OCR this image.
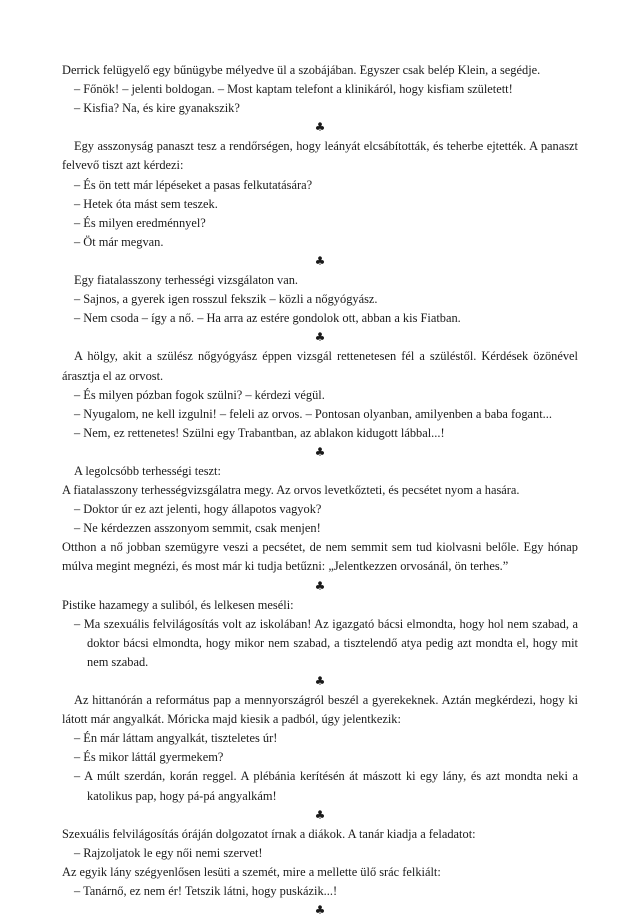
Derrick felügyelő egy bűnügybe mélyedve ül a szobájában. Egyszer csak belép Klein, a segédje.

– Főnök! – jelenti boldogan. – Most kaptam telefont a klinikáról, hogy kisfiam született!

– Kisfia? Na, és kire gyanakszik?

♣

Egy asszonyság panaszt tesz a rendőrségen, hogy leányát elcsábították, és teherbe ejtették. A panaszt felvevő tiszt azt kérdezi:

– És ön tett már lépéseket a pasas felkutatására?

– Hetek óta mást sem teszek.

– És milyen eredménnyel?

– Öt már megvan.

♣

Egy fiatalasszony terhességi vizsgálaton van.

– Sajnos, a gyerek igen rosszul fekszik – közli a nőgyógyász.

– Nem csoda – így a nő. – Ha arra az estére gondolok ott, abban a kis Fiatban.

♣

A hölgy, akit a szülész nőgyógyász éppen vizsgál rettenetesen fél a szüléstől. Kérdések özönével árasztja el az orvost.

– És milyen pózban fogok szülni? – kérdezi végül.

– Nyugalom, ne kell izgulni! – feleli az orvos. – Pontosan olyanban, amilyenben a baba fogant...

– Nem, ez rettenetes! Szülni egy Trabantban, az ablakon kidugott lábbal...!

♣

A legolcsóbb terhességi teszt:

A fiatalasszony terhességvizsgálatra megy. Az orvos levetkőzteti, és pecsétet nyom a hasára.

– Doktor úr ez azt jelenti, hogy állapotos vagyok?

– Ne kérdezzen asszonyom semmit, csak menjen!

Otthon a nő jobban szemügyre veszi a pecsétet, de nem semmit sem tud kiolvasni belőle. Egy hónap múlva megint megnézi, és most már ki tudja betűzni: „Jelentkezzen orvosánál, ön terhes.”

♣

Pistike hazamegy a suliból, és lelkesen meséli:

– Ma szexuális felvilágosítás volt az iskolában! Az igazgató bácsi elmondta, hogy hol nem szabad, a doktor bácsi elmondta, hogy mikor nem szabad, a tisztelendő atya pedig azt mondta el, hogy mit nem szabad.

♣

Az hittanórán a református pap a mennyországról beszél a gyerekeknek. Aztán megkérdezi, hogy ki látott már angyalkát. Móricka majd kiesik a padból, úgy jelentkezik:

– Én már láttam angyalkát, tiszteletes úr!

– És mikor láttál gyermekem?

– A múlt szerdán, korán reggel. A plébánia kerítésén át mászott ki egy lány, és azt mondta neki a katolikus pap, hogy pá-pá angyalkám!

♣

Szexuális felvilágosítás óráján dolgozatot írnak a diákok. A tanár kiadja a feladatot:

– Rajzoljatok le egy női nemi szervet!

Az egyik lány szégyenlősen lesüti a szemét, mire a mellette ülő srác felkiált:

– Tanárnő, ez nem ér! Tetszik látni, hogy puskázik...!

♣
